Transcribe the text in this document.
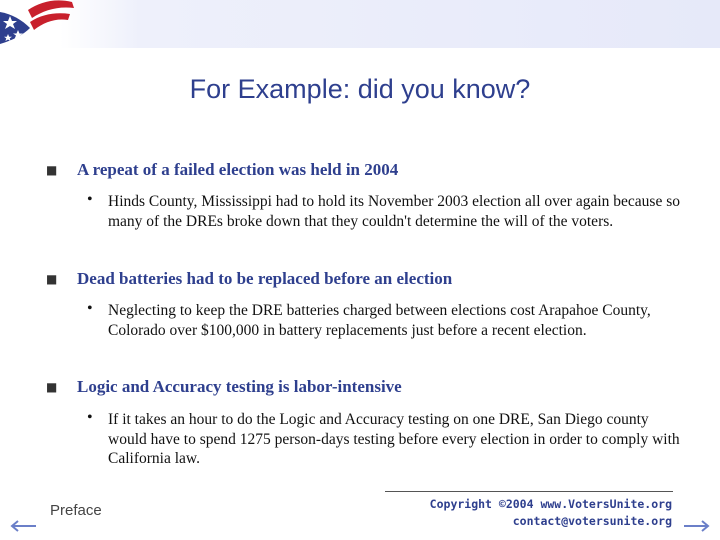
For Example: did you know?
■ A repeat of a failed election was held in 2004
• Hinds County, Mississippi had to hold its November 2003 election all over again because so many of the DREs broke down that they couldn't determine the will of the voters.
■ Dead batteries had to be replaced before an election
• Neglecting to keep the DRE batteries charged between elections cost Arapahoe County, Colorado over $100,000 in battery replacements just before a recent election.
■ Logic and Accuracy testing is labor-intensive
• If it takes an hour to do the Logic and Accuracy testing on one DRE, San Diego county would have to spend 1275 person-days testing before every election in order to comply with California law.
Preface	Copyright ©2004 www.VotersUnite.org
contact@votersunite.org
